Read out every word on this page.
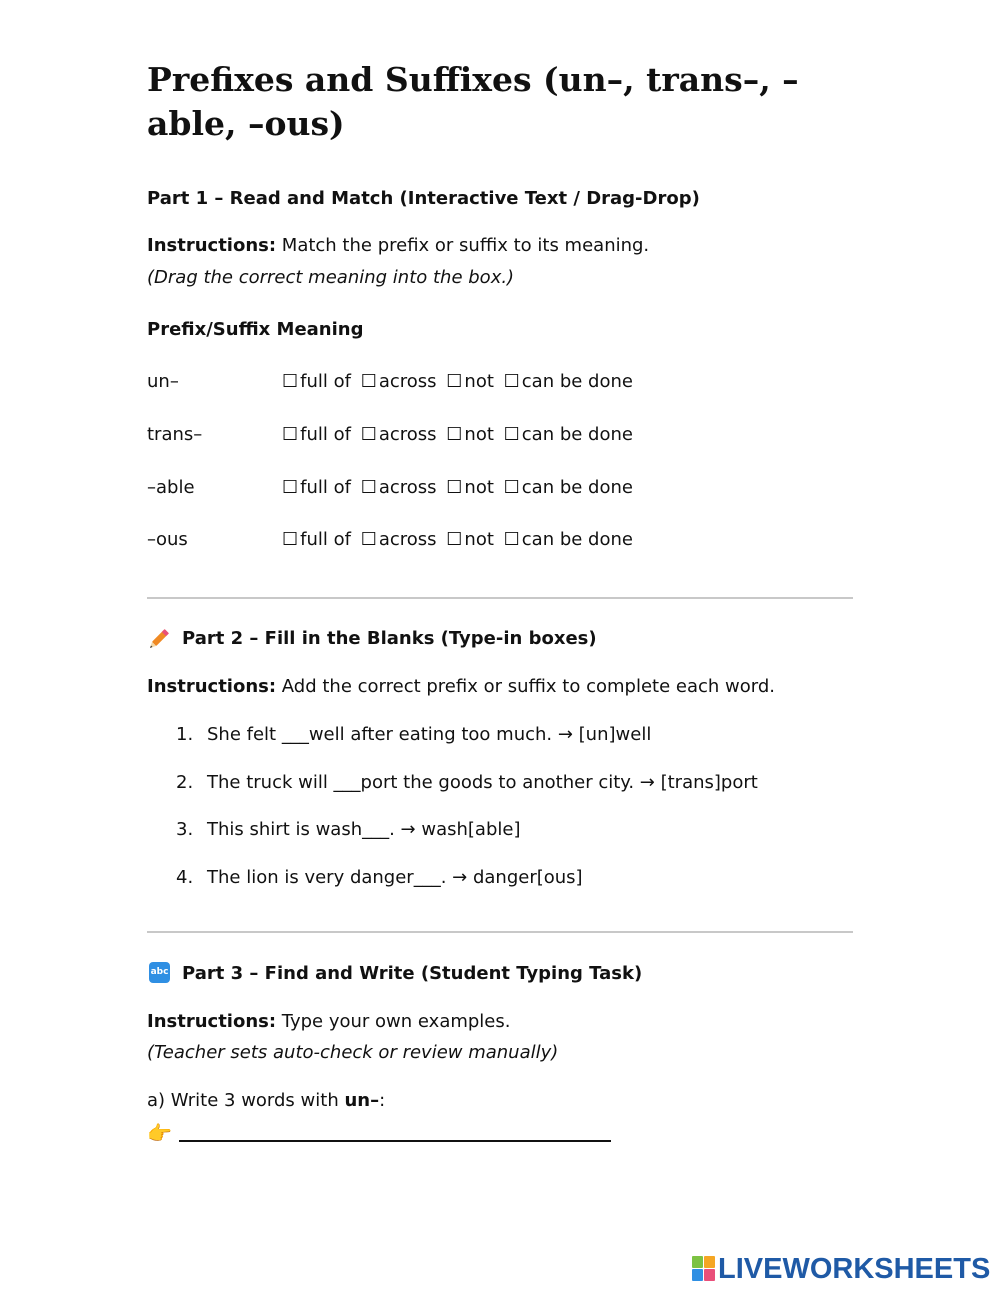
Prefixes and Suffixes (un–, trans–, –able, –ous)

Part 1 – Read and Match (Interactive Text / Drag-Drop)

Instructions: Match the prefix or suffix to its meaning.

(Drag the correct meaning into the box.)

Prefix/Suffix Meaning

un–	☐ full of ☐ across ☐ not ☐ can be done
trans–	☐ full of ☐ across ☐ not ☐ can be done
–able	☐ full of ☐ across ☐ not ☐ can be done
–ous	☐ full of ☐ across ☐ not ☐ can be done

Part 2 – Fill in the Blanks (Type-in boxes)

Instructions: Add the correct prefix or suffix to complete each word.

1. She felt ___well after eating too much. → [un]well
2. The truck will ___port the goods to another city. → [trans]port
3. This shirt is wash___. → wash[able]
4. The lion is very danger___. → danger[ous]
abc Part 3 – Find and Write (Student Typing Task)

Instructions: Type your own examples.

(Teacher sets auto-check or review manually)

a) Write 3 words with un–:

👉
LIVEWORKSHEETS
